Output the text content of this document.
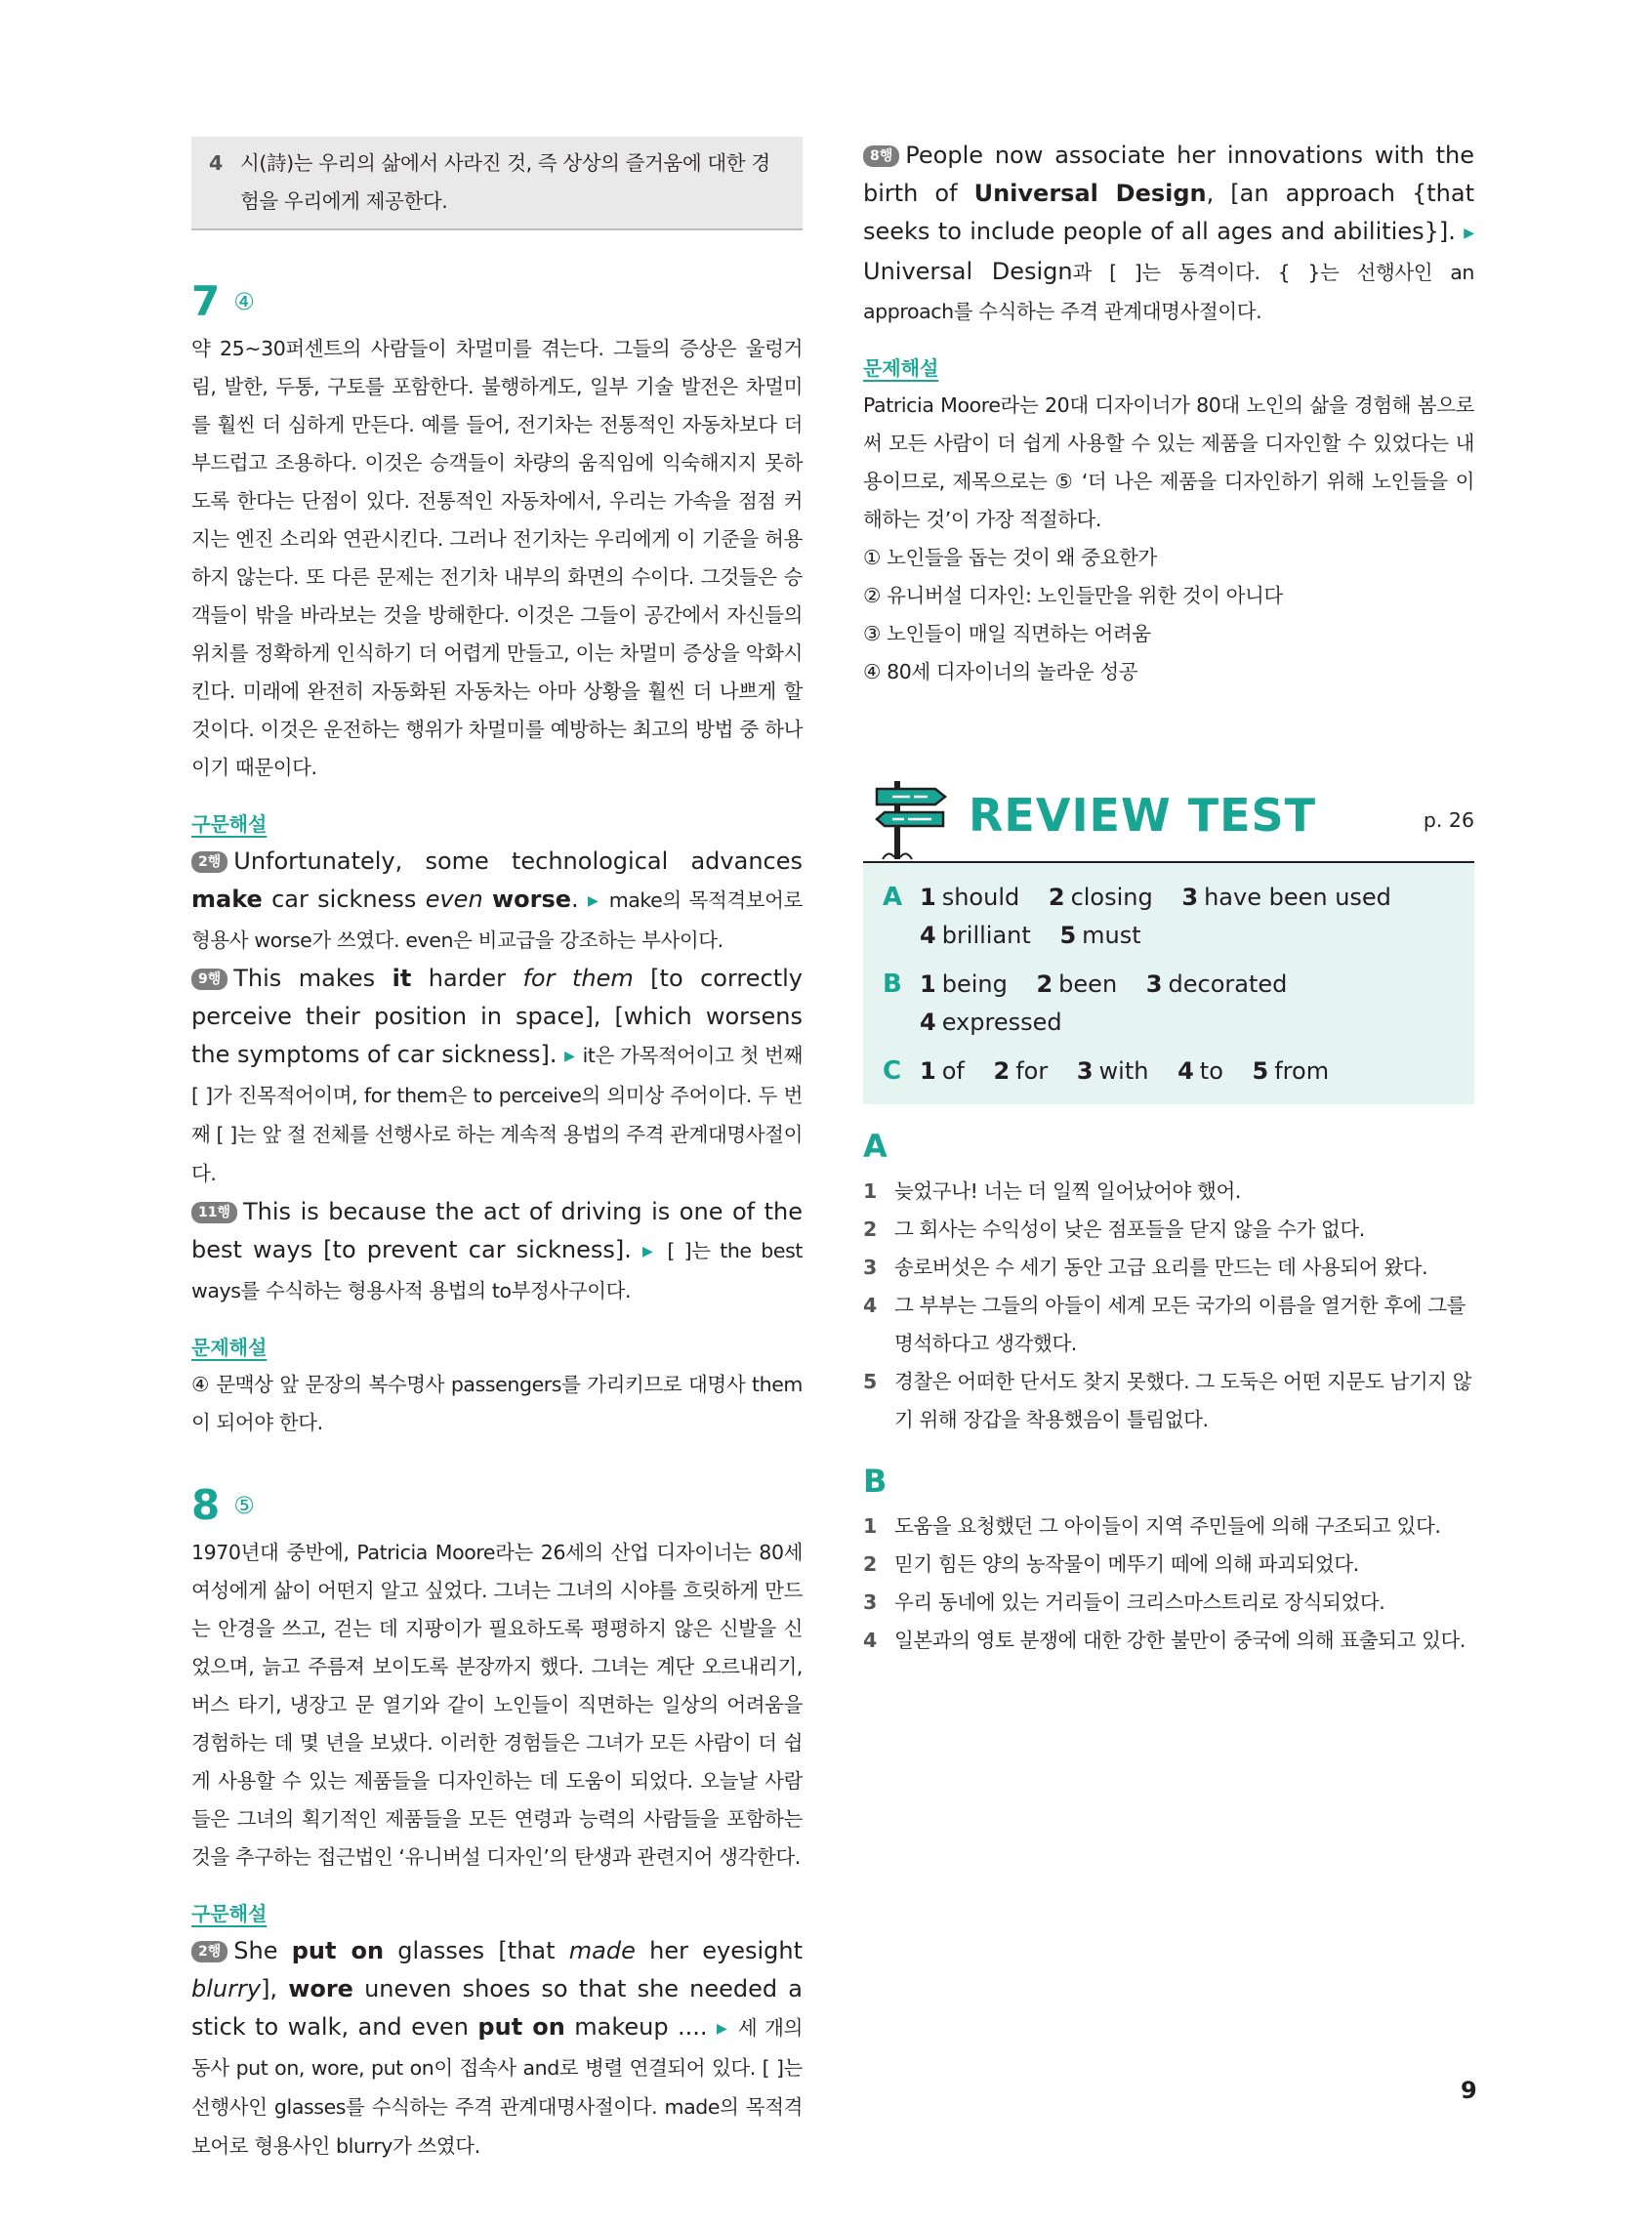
4 시(詩)는 우리의 삶에서 사라진 것, 즉 상상의 즐거움에 대한 경
험을 우리에게 제공한다.
7 ④

약 25~30퍼센트의 사람들이 차멀미를 겪는다. 그들의 증상은 울렁거림, 발한, 두통, 구토를 포함한다. 불행하게도, 일부 기술 발전은 차멀미를 훨씬 더 심하게 만든다. 예를 들어, 전기차는 전통적인 자동차보다 더 부드럽고 조용하다. 이것은 승객들이 차량의 움직임에 익숙해지지 못하도록 한다는 단점이 있다. 전통적인 자동차에서, 우리는 가속을 점점 커지는 엔진 소리와 연관시킨다. 그러나 전기차는 우리에게 이 기준을 허용하지 않는다. 또 다른 문제는 전기차 내부의 화면의 수이다. 그것들은 승객들이 밖을 바라보는 것을 방해한다. 이것은 그들이 공간에서 자신들의 위치를 정확하게 인식하기 더 어렵게 만들고, 이는 차멀미 증상을 악화시킨다. 미래에 완전히 자동화된 자동차는 아마 상황을 훨씬 더 나쁘게 할 것이다. 이것은 운전하는 행위가 차멀미를 예방하는 최고의 방법 중 하나이기 때문이다.

구문해설

2행 Unfortunately, some technological advances make car sickness even worse. ▶ make의 목적격보어로 형용사 worse가 쓰였다. even은 비교급을 강조하는 부사이다.

9행 This makes it harder for them [to correctly perceive their position in space], [which worsens the symptoms of car sickness]. ▶ it은 가목적어이고 첫 번째 [ ]가 진목적어이며, for them은 to perceive의 의미상 주어이다. 두 번째 [ ]는 앞 절 전체를 선행사로 하는 계속적 용법의 주격 관계대명사절이다.

11행 This is because the act of driving is one of the best ways [to prevent car sickness]. ▶ [ ]는 the best ways를 수식하는 형용사적 용법의 to부정사구이다.

문제해설

④ 문맥상 앞 문장의 복수명사 passengers를 가리키므로 대명사 them이 되어야 한다.

8 ⑤

1970년대 중반에, Patricia Moore라는 26세의 산업 디자이너는 80세 여성에게 삶이 어떤지 알고 싶었다. 그녀는 그녀의 시야를 흐릿하게 만드는 안경을 쓰고, 걷는 데 지팡이가 필요하도록 평평하지 않은 신발을 신었으며, 늙고 주름져 보이도록 분장까지 했다. 그녀는 계단 오르내리기, 버스 타기, 냉장고 문 열기와 같이 노인들이 직면하는 일상의 어려움을 경험하는 데 몇 년을 보냈다. 이러한 경험들은 그녀가 모든 사람이 더 쉽게 사용할 수 있는 제품들을 디자인하는 데 도움이 되었다. 오늘날 사람들은 그녀의 획기적인 제품들을 모든 연령과 능력의 사람들을 포함하는 것을 추구하는 접근법인 ‘유니버설 디자인’의 탄생과 관련지어 생각한다.

구문해설

2행 She put on glasses [that made her eyesight blurry], wore uneven shoes so that she needed a stick to walk, and even put on makeup .... ▶ 세 개의 동사 put on, wore, put on이 접속사 and로 병렬 연결되어 있다. [ ]는 선행사인 glasses를 수식하는 주격 관계대명사절이다. made의 목적격보어로 형용사인 blurry가 쓰였다.

8행 People now associate her innovations with the birth of Universal Design, [an approach {that seeks to include people of all ages and abilities}]. ▶ Universal Design과 [ ]는 동격이다. { }는 선행사인 an approach를 수식하는 주격 관계대명사절이다.

문제해설

Patricia Moore라는 20대 디자이너가 80대 노인의 삶을 경험해 봄으로써 모든 사람이 더 쉽게 사용할 수 있는 제품을 디자인할 수 있었다는 내용이므로, 제목으로는 ⑤ ‘더 나은 제품을 디자인하기 위해 노인들을 이해하는 것’이 가장 적절하다.

① 노인들을 돕는 것이 왜 중요한가
② 유니버설 디자인: 노인들만을 위한 것이 아니다
③ 노인들이 매일 직면하는 어려움
④ 80세 디자이너의 놀라운 성공
REVIEW TEST	p. 26
A 1 should 2 closing 3 have been used
4 brilliant 5 must
B 1 being 2 been 3 decorated 4 expressed
C 1 of 2 for 3 with 4 to 5 from
A
1 늦었구나! 너는 더 일찍 일어났어야 했어.
2 그 회사는 수익성이 낮은 점포들을 닫지 않을 수가 없다.
3 송로버섯은 수 세기 동안 고급 요리를 만드는 데 사용되어 왔다.
4 그 부부는 그들의 아들이 세계 모든 국가의 이름을 열거한 후에 그를 명석하다고 생각했다.
5 경찰은 어떠한 단서도 찾지 못했다. 그 도둑은 어떤 지문도 남기지 않기 위해 장갑을 착용했음이 틀림없다.
B
1 도움을 요청했던 그 아이들이 지역 주민들에 의해 구조되고 있다.
2 믿기 힘든 양의 농작물이 메뚜기 떼에 의해 파괴되었다.
3 우리 동네에 있는 거리들이 크리스마스트리로 장식되었다.
4 일본과의 영토 분쟁에 대한 강한 불만이 중국에 의해 표출되고 있다.
9
